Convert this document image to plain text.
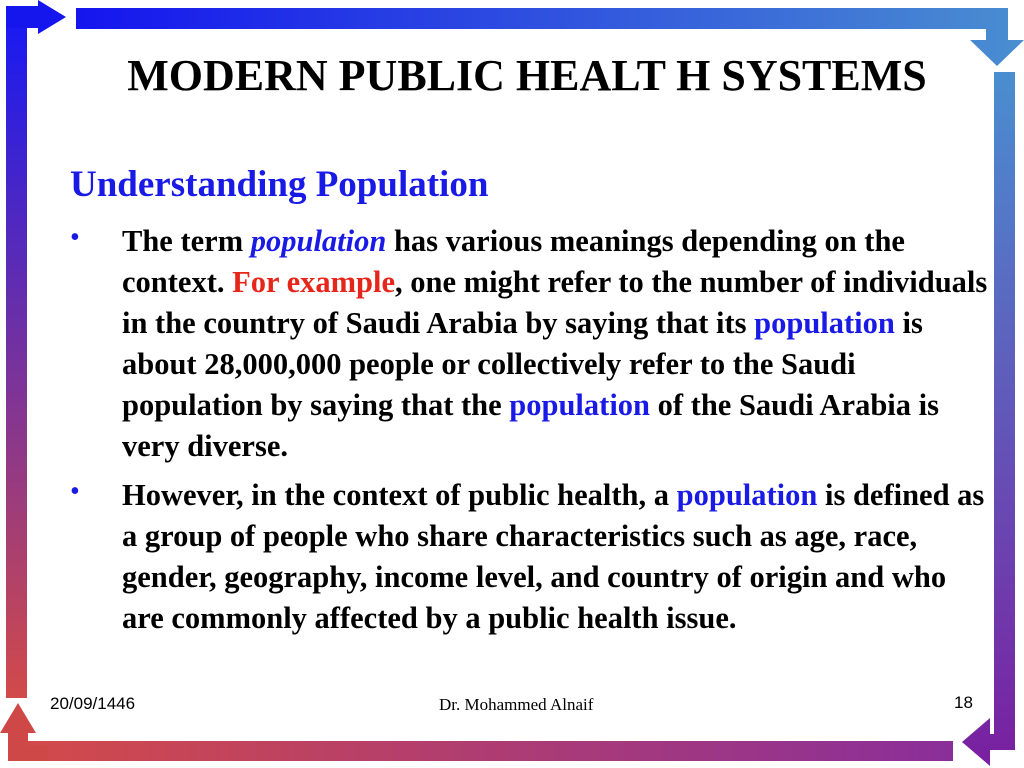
MODERN PUBLIC HEALT H SYSTEMS
Understanding Population
• The term population has various meanings depending on the context. For example, one might refer to the number of individuals in the country of Saudi Arabia by saying that its population is about 28,000,000 people or collectively refer to the Saudi population by saying that the population of the Saudi Arabia is very diverse.
• However, in the context of public health, a population is defined as a group of people who share characteristics such as age, race, gender, geography, income level, and country of origin and who are commonly affected by a public health issue.
20/09/1446	Dr. Mohammed Alnaif	18
